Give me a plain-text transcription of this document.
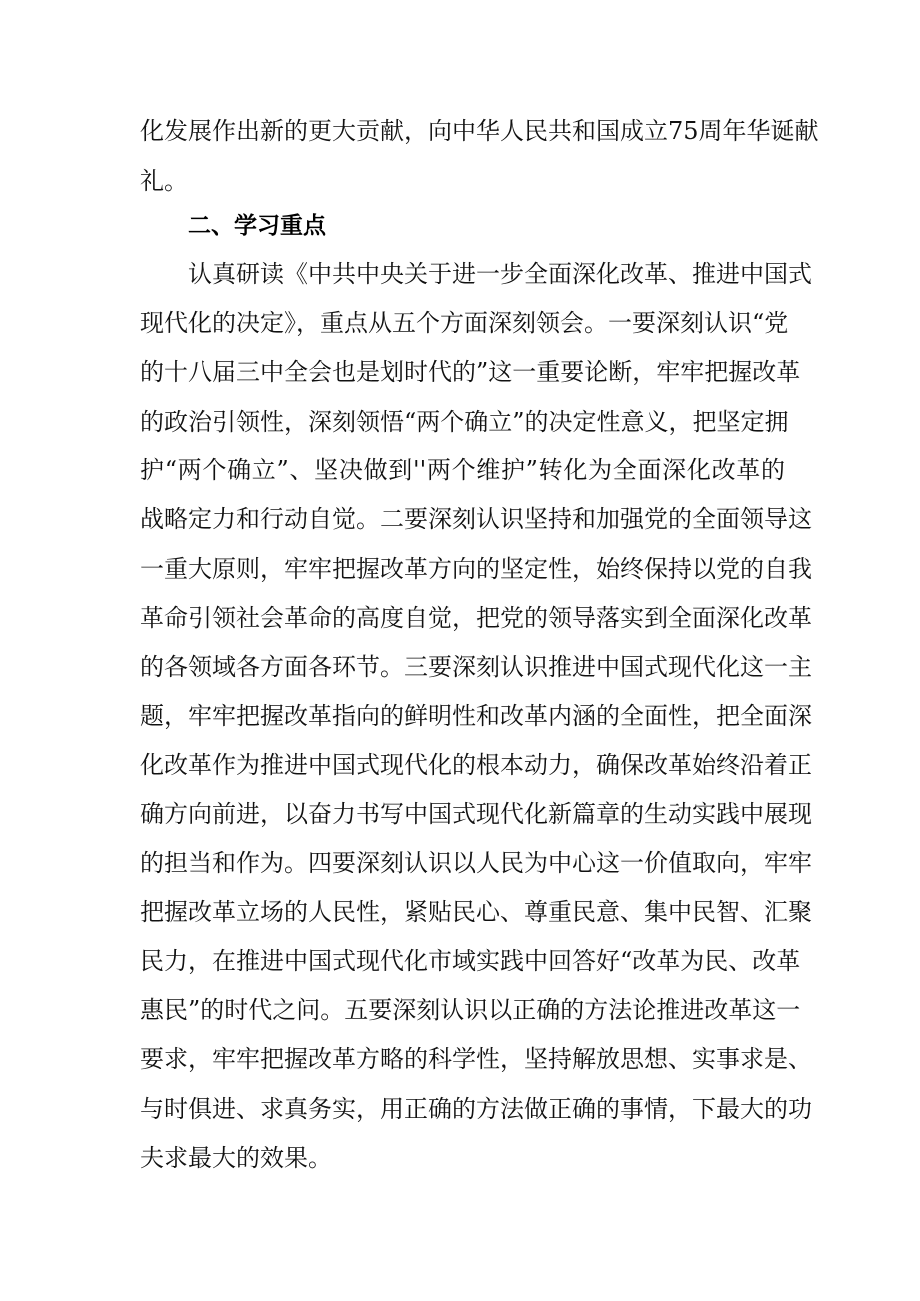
化发展作出新的更大贡献，向中华人民共和国成立75周年华诞献
礼。
二、学习重点
认真研读《中共中央关于进一步全面深化改革、推进中国式
现代化的决定》，重点从五个方面深刻领会。一要深刻认识“党
的十八届三中全会也是划时代的”这一重要论断，牢牢把握改革
的政治引领性，深刻领悟“两个确立”的决定性意义，把坚定拥
护“两个确立”、坚决做到''两个维护”转化为全面深化改革的
战略定力和行动自觉。二要深刻认识坚持和加强党的全面领导这
一重大原则，牢牢把握改革方向的坚定性，始终保持以党的自我
革命引领社会革命的高度自觉，把党的领导落实到全面深化改革
的各领域各方面各环节。三要深刻认识推进中国式现代化这一主
题，牢牢把握改革指向的鲜明性和改革内涵的全面性，把全面深
化改革作为推进中国式现代化的根本动力，确保改革始终沿着正
确方向前进，以奋力书写中国式现代化新篇章的生动实践中展现
的担当和作为。四要深刻认识以人民为中心这一价值取向，牢牢
把握改革立场的人民性，紧贴民心、尊重民意、集中民智、汇聚
民力，在推进中国式现代化市域实践中回答好“改革为民、改革
惠民”的时代之问。五要深刻认识以正确的方法论推进改革这一
要求，牢牢把握改革方略的科学性，坚持解放思想、实事求是、
与时俱进、求真务实，用正确的方法做正确的事情，下最大的功
夫求最大的效果。
